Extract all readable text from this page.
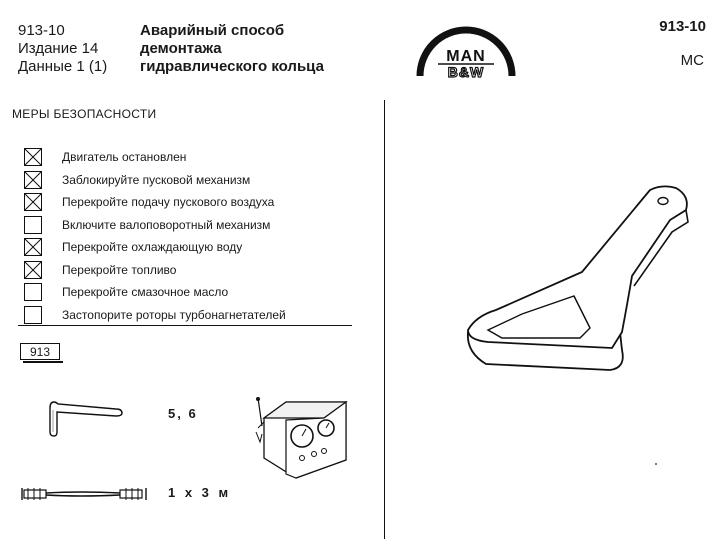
913-10
Издание 14
Данные 1 (1)
Аварийный способ
демонтажа
гидравлического кольца
MAN
B&W
913-10
MC
МЕРЫ БЕЗОПАСНОСТИ
Двигатель остановлен
Заблокируйте пусковой механизм
Перекройте подачу пускового воздуха
Включите валоповоротный механизм
Перекройте охлаждающую воду
Перекройте топливо
Перекройте смазочное масло
Застопорите роторы турбонагнетателей
913
5, 6
1 x 3 м
